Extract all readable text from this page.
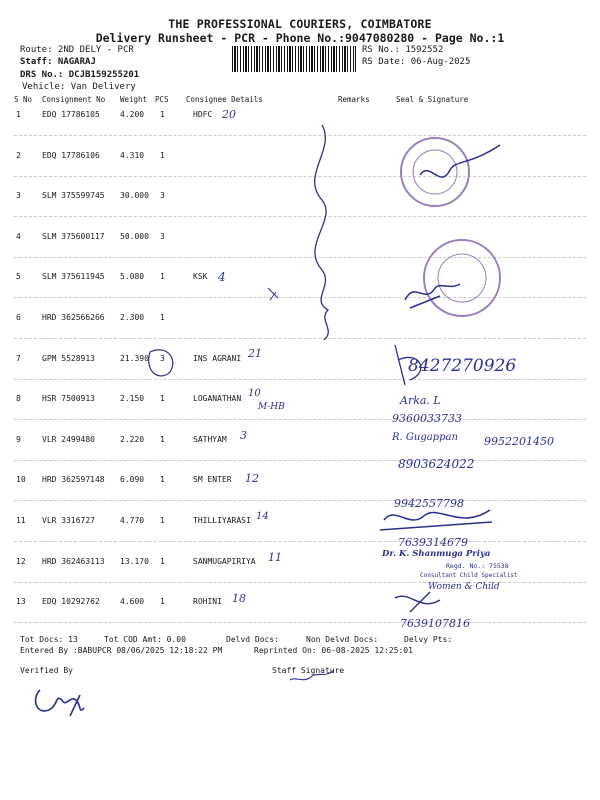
THE PROFESSIONAL COURIERS, COIMBATORE
Delivery Runsheet - PCR - Phone No.:9047080280 - Page No.:1
Route: 2ND DELY - PCR
Staff: NAGARAJ
DRS No.: DCJB159255201
Vehicle: Van Delivery
RS No.: 1592552
RS Date: 06-Aug-2025
S No Consignment No Weight PCS Consignee Details	Remarks	Seal & Signature
1	EDQ 17786105	4.200 1	HDFC
2	EDQ 17786106	4.310 1
3	SLM 375599745 30.000 3
4	SLM 375600117 50.000 3
5	SLM 375611945 5.080 1	KSK
6	HRD 362566266 2.300 1
7	GPM 5528913	21.390 3	INS AGRANI
8	HSR 7500913	2.150 1	LOGANATHAN
9	VLR 2499480	2.220 1	SATHYAM
10 HRD 362597148 6.090 1	SM ENTER
11 VLR 3316727	4.770 1	THILLIYARASI
12 HRD 362463113 13.170 1	SANMUGAPIRIYA
13 EDQ 10292762	4.600 1	ROHINI
20
4
21
10
M-HB
3
12
14
11
18
8427270926
Arka. L
9360033733
R. Gugappan 9952201450
8903624022
9942557798
7639314679
7639107816
Dr. K. Shanmuga Priya
Regd. No.: 75538
Consultant Child Specialist
Women & Child
Tot Docs: 13	Tot COD Amt: 0.00	Delvd Docs:	Non Delvd Docs:	Delvy Pts:
Entered By :BABUPCR 08/06/2025 12:18:22 PM	Reprinted On: 06-08-2025 12:25:01
Verified By	Staff Signature
